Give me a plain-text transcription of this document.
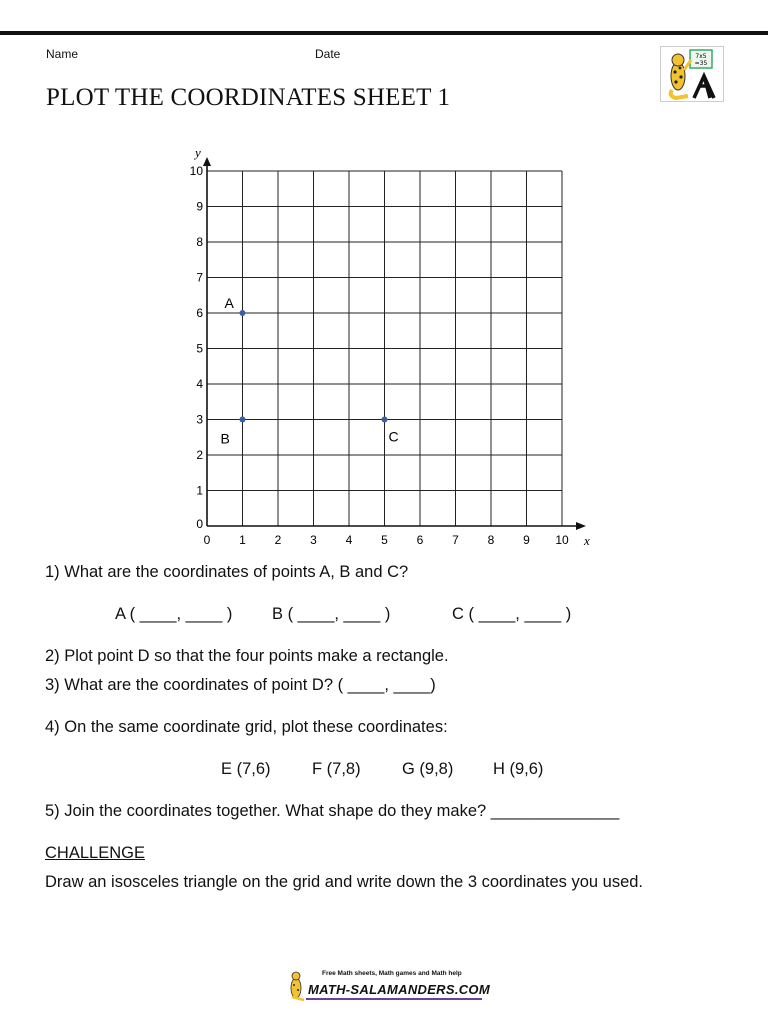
Name	Date
PLOT THE COORDINATES SHEET 1
7x5
=35
0 1 2 3 4 5 6 7 8 9 10
0
1
2
3
4
5
6
7
8
9
10
A
B	C
x
y

1) What are the coordinates of points A, B and C?

A ( ____, ____ ) B ( ____, ____ )	C ( ____, ____ )

2) Plot point D so that the four points make a rectangle.

3) What are the coordinates of point D? ( ____, ____)

4) On the same coordinate grid, plot these coordinates:

E (7,6)	F (7,8)	G (9,8) H (9,6)

5) Join the coordinates together. What shape do they make? ______________

CHALLENGE
Draw an isosceles triangle on the grid and write down the 3 coordinates you used.
Free Math sheets, Math games and Math help
MATH-SALAMANDERS.COM
